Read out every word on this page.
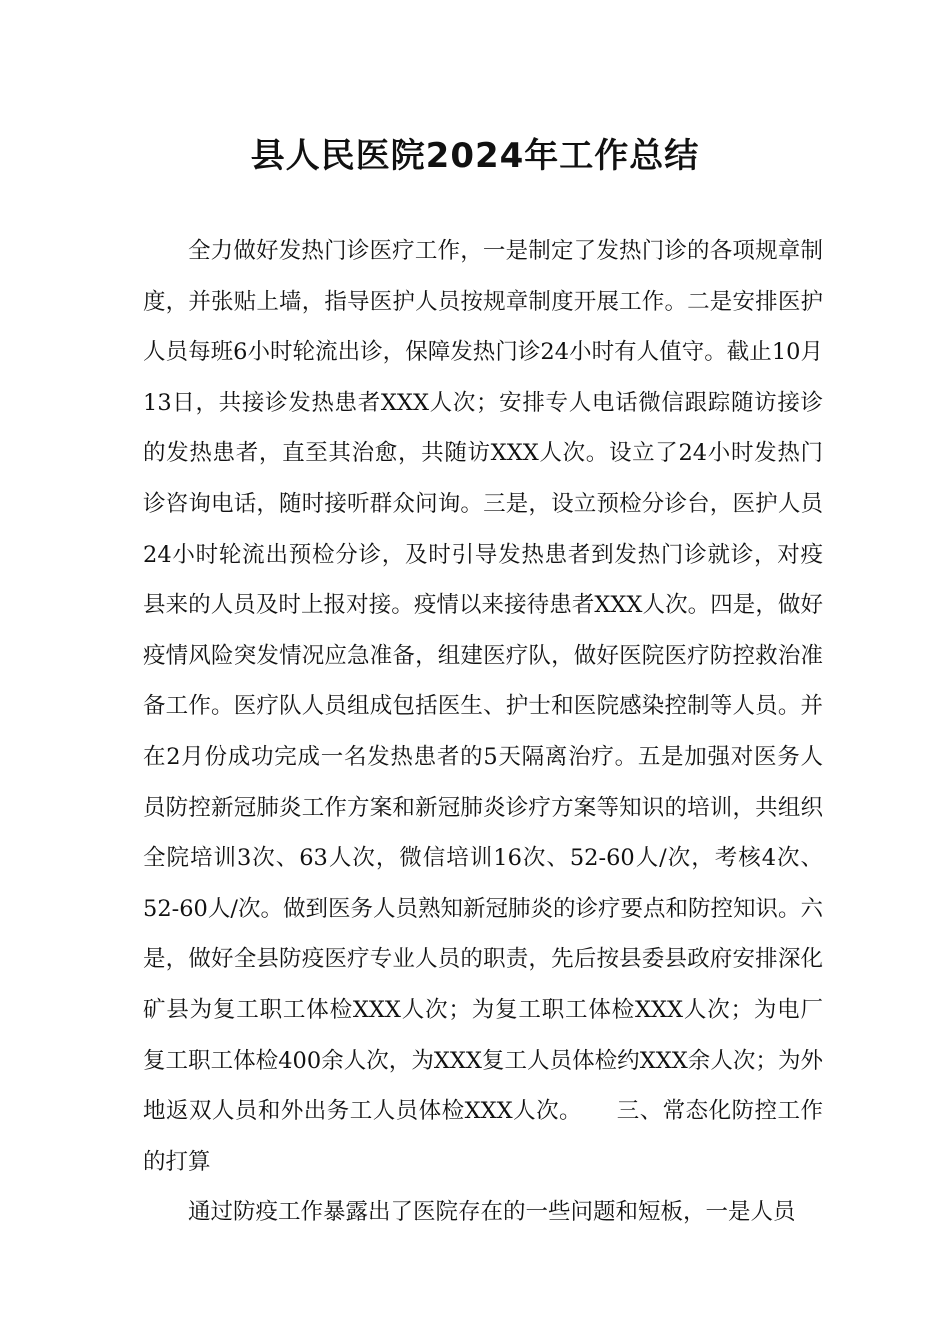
县人民医院2024年工作总结

全力做好发热门诊医疗工作，一是制定了发热门诊的各项规章制度，并张贴上墙，指导医护人员按规章制度开展工作。二是安排医护人员每班6小时轮流出诊，保障发热门诊24小时有人值守。截止10月13日，共接诊发热患者XXX人次；安排专人电话微信跟踪随访接诊的发热患者，直至其治愈，共随访XXX人次。设立了24小时发热门诊咨询电话，随时接听群众问询。三是，设立预检分诊台，医护人员24小时轮流出预检分诊，及时引导发热患者到发热门诊就诊，对疫县来的人员及时上报对接。疫情以来接待患者XXX人次。四是，做好疫情风险突发情况应急准备，组建医疗队，做好医院医疗防控救治准备工作。医疗队人员组成包括医生、护士和医院感染控制等人员。并在2月份成功完成一名发热患者的5天隔离治疗。五是加强对医务人员防控新冠肺炎工作方案和新冠肺炎诊疗方案等知识的培训，共组织全院培训3次、63人次，微信培训16次、52-60人/次，考核4次、52-60人/次。做到医务人员熟知新冠肺炎的诊疗要点和防控知识。六是，做好全县防疫医疗专业人员的职责，先后按县委县政府安排深化矿县为复工职工体检XXX人次；为复工职工体检XXX人次；为电厂复工职工体检400余人次，为XXX复工人员体检约XXX余人次；为外地返双人员和外出务工人员体检XXX人次。　　三、常态化防控工作的打算

通过防疫工作暴露出了医院存在的一些问题和短板，一是人员
